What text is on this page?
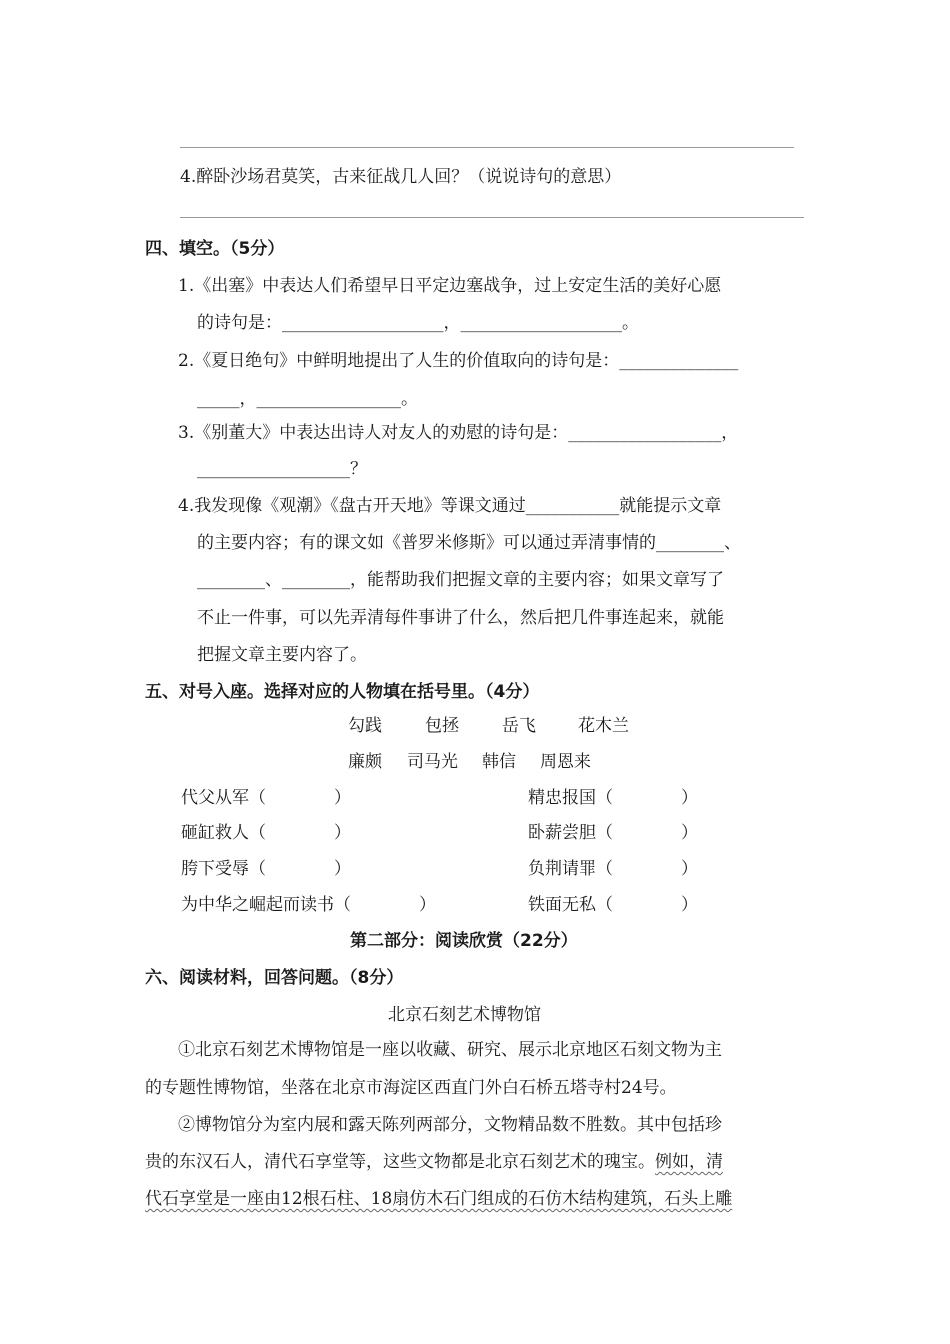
4.醉卧沙场君莫笑，古来征战几人回？（说说诗句的意思）
四、填空。（5分）
1.《出塞》中表达人们希望早日平定边塞战争，过上安定生活的美好心愿
的诗句是：___________________，___________________。
2.《夏日绝句》中鲜明地提出了人生的价值取向的诗句是：______________
_____，_________________。
3.《别董大》中表达出诗人对友人的劝慰的诗句是：__________________，
__________________？
4.我发现像《观潮》《盘古开天地》等课文通过___________就能提示文章
的主要内容；有的课文如《普罗米修斯》可以通过弄清事情的________、
________、________，能帮助我们把握文章的主要内容；如果文章写了
不止一件事，可以先弄清每件事讲了什么，然后把几件事连起来，就能
把握文章主要内容了。
五、对号入座。选择对应的人物填在括号里。（4分）
勾践	包拯	岳飞 花木兰
廉颇 司马光 韩信 周恩来
代父从军（　　　　）
砸缸救人（　　　　）
胯下受辱（　　　　）
为中华之崛起而读书（　　　　）
精忠报国（　　　　）
卧薪尝胆（　　　　）
负荆请罪（　　　　）
铁面无私（　　　　）
第二部分：阅读欣赏（22分）
六、阅读材料，回答问题。（8分）
北京石刻艺术博物馆
①北京石刻艺术博物馆是一座以收藏、研究、展示北京地区石刻文物为主
的专题性博物馆，坐落在北京市海淀区西直门外白石桥五塔寺村24号。
②博物馆分为室内展和露天陈列两部分，文物精品数不胜数。其中包括珍
贵的东汉石人，清代石享堂等，这些文物都是北京石刻艺术的瑰宝。例如，清
代石享堂是一座由12根石柱、18扇仿木石门组成的石仿木结构建筑，石头上雕
